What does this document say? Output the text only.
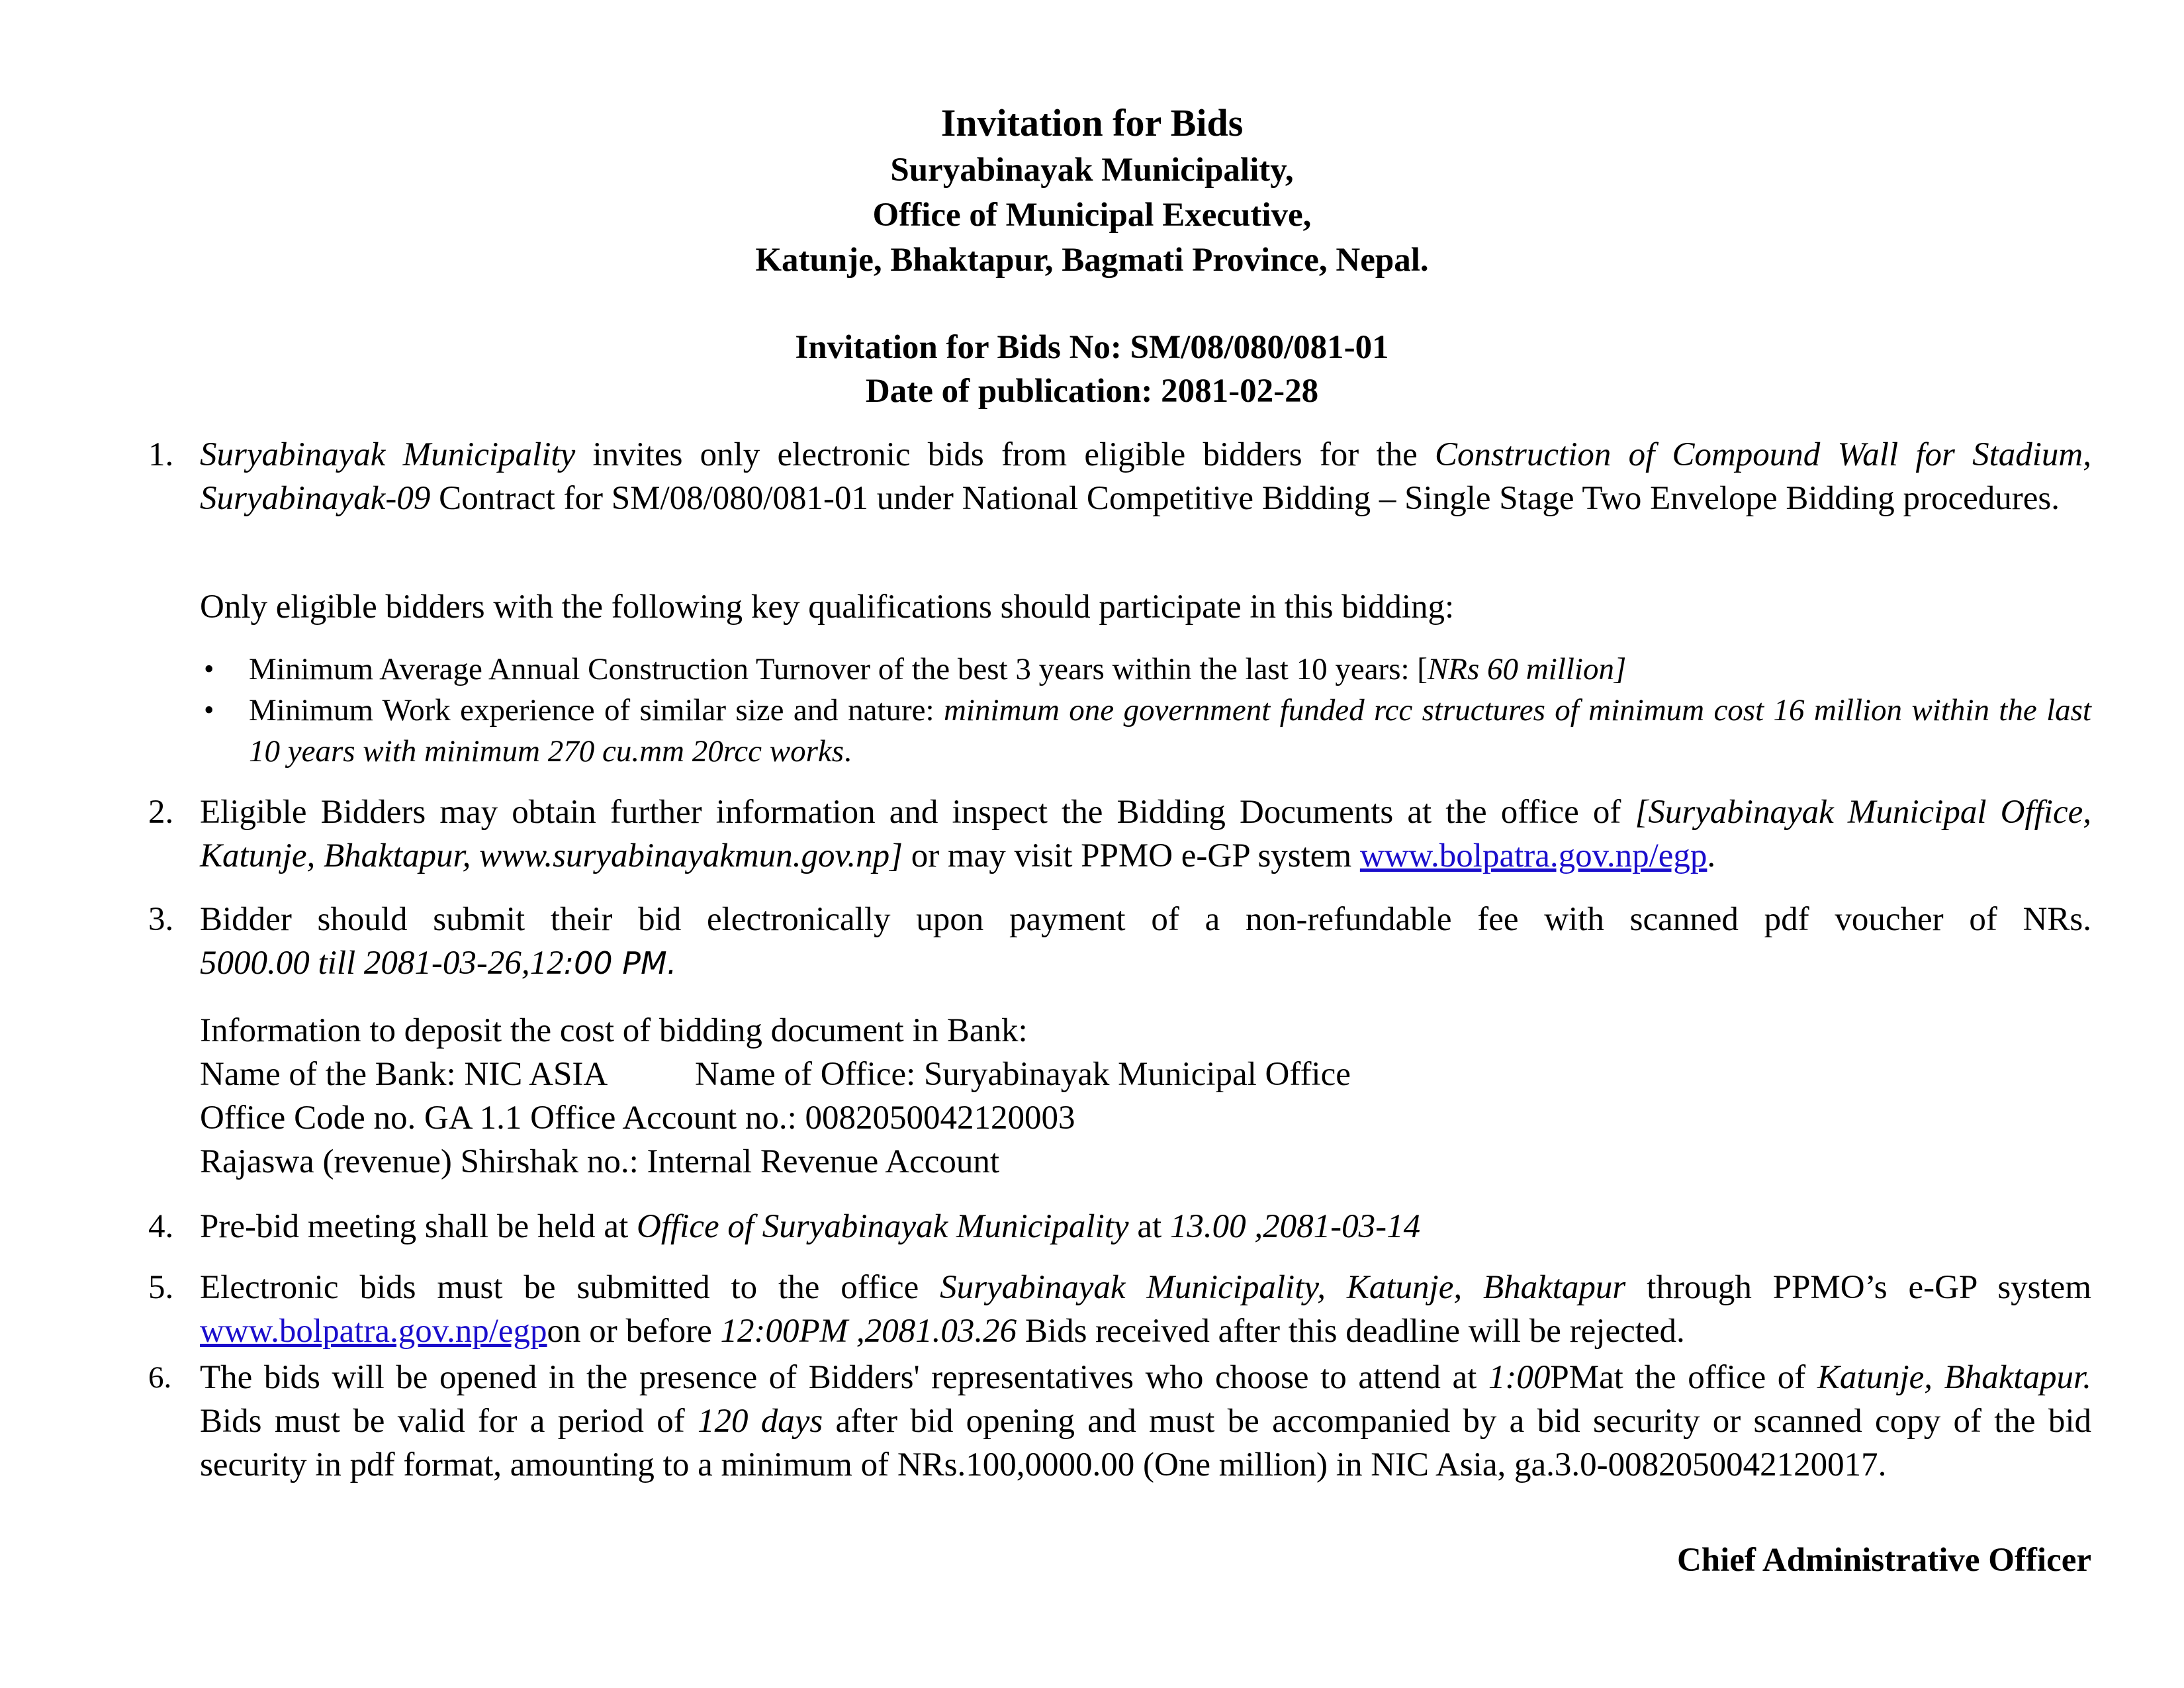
Invitation for Bids
Suryabinayak Municipality,
Office of Municipal Executive,
Katunje, Bhaktapur, Bagmati Province, Nepal.
Invitation for Bids No: SM/08/080/081-01
Date of publication: 2081-02-28
1. Suryabinayak Municipality invites only electronic bids from eligible bidders for the Construction of Compound Wall for Stadium, Suryabinayak-09 Contract for SM/08/080/081-01 under National Competitive Bidding – Single Stage Two Envelope Bidding procedures.
Only eligible bidders with the following key qualifications should participate in this bidding:
• Minimum Average Annual Construction Turnover of the best 3 years within the last 10 years: [NRs 60 million]
• Minimum Work experience of similar size and nature: minimum one government funded rcc structures of minimum cost 16 million within the last 10 years with minimum 270 cu.mm 20rcc works.
2. Eligible Bidders may obtain further information and inspect the Bidding Documents at the office of [Suryabinayak Municipal Office, Katunje, Bhaktapur, www.suryabinayakmun.gov.np] or may visit PPMO e-GP system www.bolpatra.gov.np/egp.
3. Bidder should submit their bid electronically upon payment of a non-refundable fee with scanned pdf voucher of NRs.
5000.00 till 2081-03-26,12:00 PM.
Information to deposit the cost of bidding document in Bank:
Name of the Bank: NIC ASIA	Name of Office: Suryabinayak Municipal Office
Office Code no. GA 1.1 Office Account no.: 0082050042120003
Rajaswa (revenue) Shirshak no.: Internal Revenue Account
4. Pre-bid meeting shall be held at Office of Suryabinayak Municipality at 13.00 ,2081-03-14
5. Electronic bids must be submitted to the office Suryabinayak Municipality, Katunje, Bhaktapur through PPMO’s e-GP system www.bolpatra.gov.np/egpon or before 12:00PM ,2081.03.26 Bids received after this deadline will be rejected.
6. The bids will be opened in the presence of Bidders' representatives who choose to attend at 1:00PMat the office of Katunje, Bhaktapur. Bids must be valid for a period of 120 days after bid opening and must be accompanied by a bid security or scanned copy of the bid security in pdf format, amounting to a minimum of NRs.100,0000.00 (One million) in NIC Asia, ga.3.0-0082050042120017.
Chief Administrative Officer
